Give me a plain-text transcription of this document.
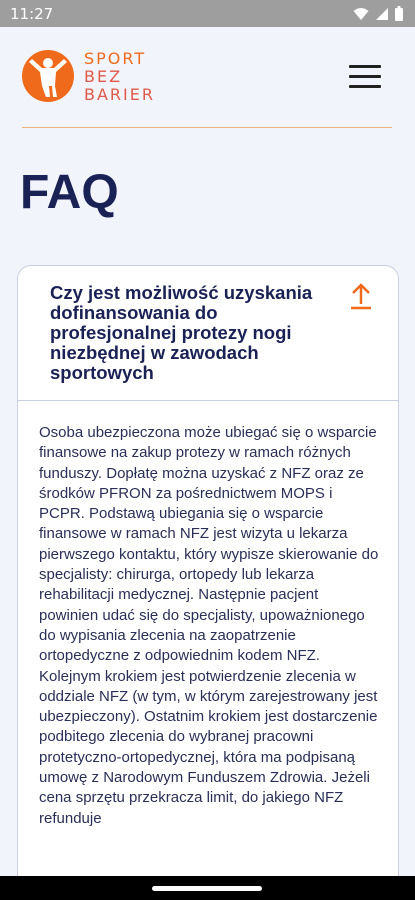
11:27
SPORT
BEZ
BARIER
FAQ
Czy jest możliwość uzyskania dofinansowania do profesjonalnej protezy nogi niezbędnej w zawodach sportowych
Osoba ubezpieczona może ubiegać się o wsparcie finansowe na zakup protezy w ramach różnych funduszy. Dopłatę można uzyskać z NFZ oraz ze środków PFRON za pośrednictwem MOPS i PCPR. Podstawą ubiegania się o wsparcie finansowe w ramach NFZ jest wizyta u lekarza pierwszego kontaktu, który wypisze skierowanie do specjalisty: chirurga, ortopedy lub lekarza rehabilitacji medycznej. Następnie pacjent powinien udać się do specjalisty, upoważnionego do wypisania zlecenia na zaopatrzenie ortopedyczne z odpowiednim kodem NFZ. Kolejnym krokiem jest potwierdzenie zlecenia w oddziale NFZ (w tym, w którym zarejestrowany jest ubezpieczony). Ostatnim krokiem jest dostarczenie podbitego zlecenia do wybranej pracowni protetyczno-ortopedycznej, która ma podpisaną umowę z Narodowym Funduszem Zdrowia. Jeżeli cena sprzętu przekracza limit, do jakiego NFZ refunduje
